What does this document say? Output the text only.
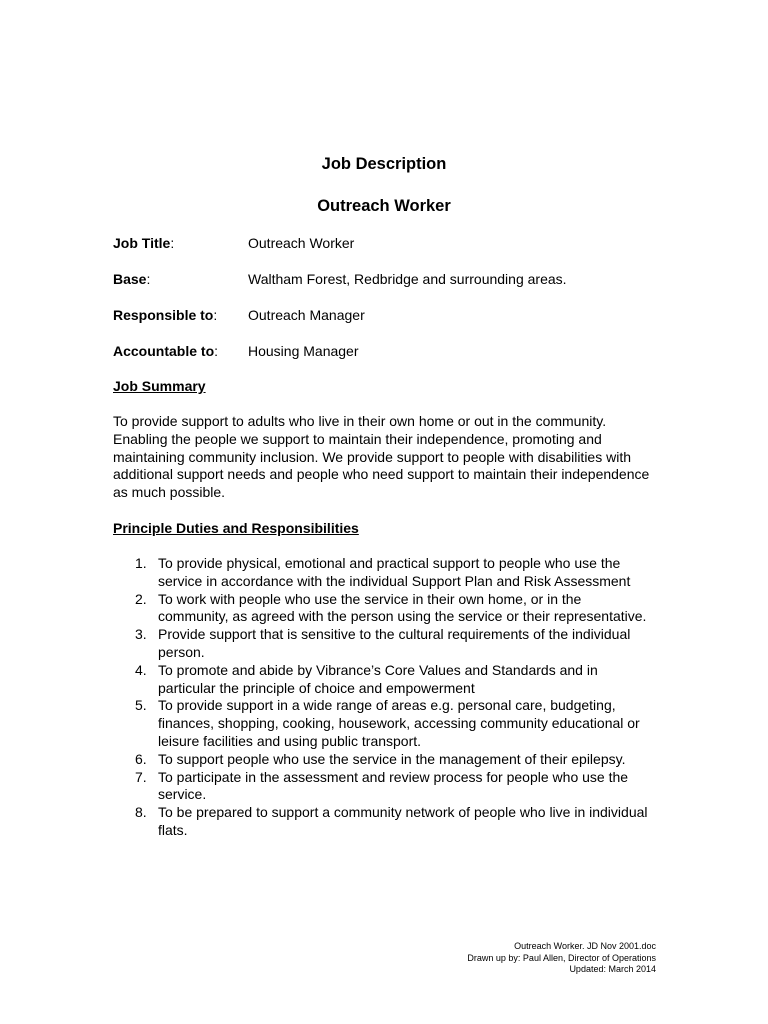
Job Description
Outreach Worker
Job Title:	Outreach Worker
Base:	Waltham Forest, Redbridge and surrounding areas.
Responsible to: Outreach Manager
Accountable to: Housing Manager
Job Summary

To provide support to adults who live in their own home or out in the community. Enabling the people we support to maintain their independence, promoting and maintaining community inclusion. We provide support to people with disabilities with additional support needs and people who need support to maintain their independence as much possible.

Principle Duties and Responsibilities
1. To provide physical, emotional and practical support to people who use the service in accordance with the individual Support Plan and Risk Assessment
2. To work with people who use the service in their own home, or in the community, as agreed with the person using the service or their representative.
3. Provide support that is sensitive to the cultural requirements of the individual person.
4. To promote and abide by Vibrance’s Core Values and Standards and in particular the principle of choice and empowerment
5. To provide support in a wide range of areas e.g. personal care, budgeting, finances, shopping, cooking, housework, accessing community educational or leisure facilities and using public transport.
6. To support people who use the service in the management of their epilepsy.
7. To participate in the assessment and review process for people who use the service.
8. To be prepared to support a community network of people who live in individual flats.
Outreach Worker. JD Nov 2001.doc
Drawn up by: Paul Allen, Director of Operations
Updated: March 2014
